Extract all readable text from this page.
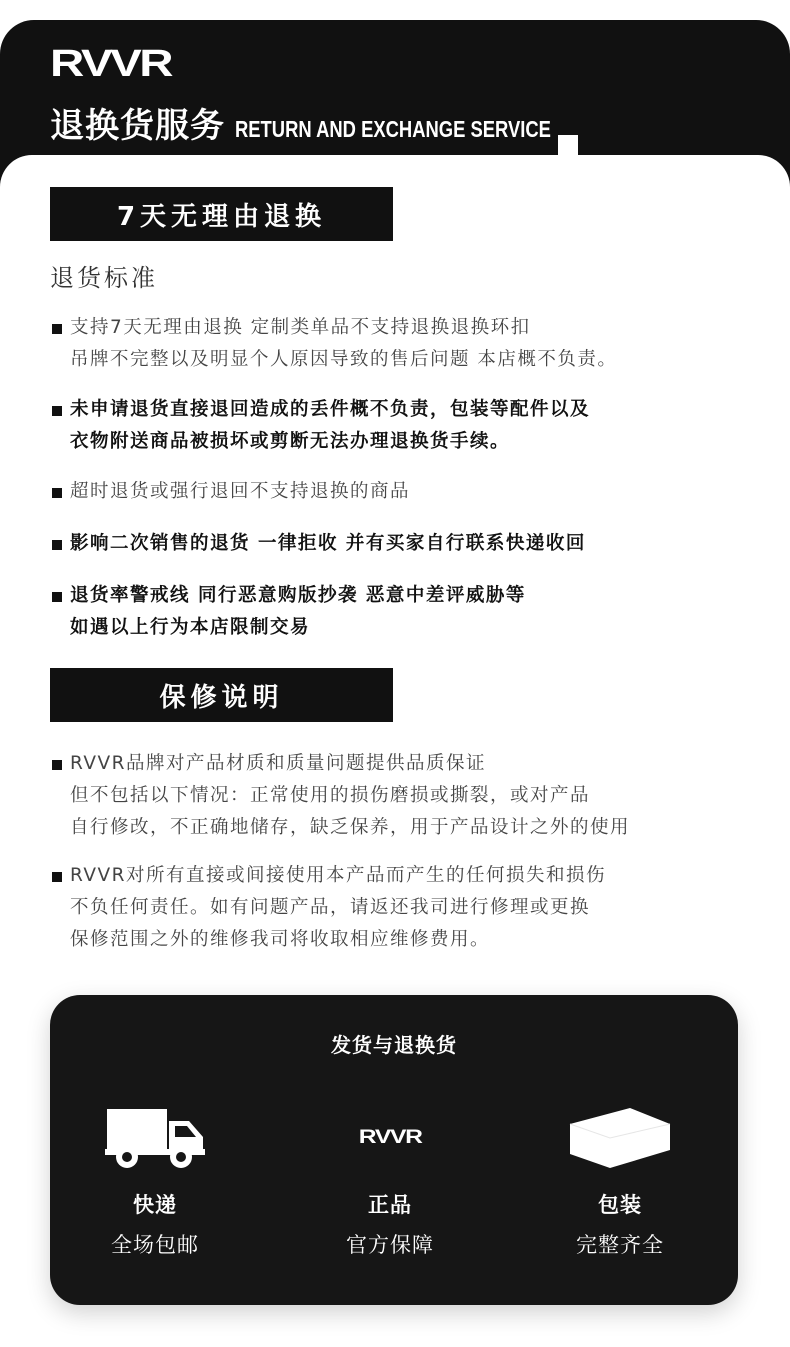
RVVR
退换货服务 RETURN AND EXCHANGE SERVICE
7天无理由退换
退货标准
支持7天无理由退换 定制类单品不支持退换退换环扣
吊牌不完整以及明显个人原因导致的售后问题 本店概不负责。
未申请退货直接退回造成的丢件概不负责，包装等配件以及
衣物附送商品被损坏或剪断无法办理退换货手续。
超时退货或强行退回不支持退换的商品
影响二次销售的退货 一律拒收 并有买家自行联系快递收回
退货率警戒线 同行恶意购版抄袭 恶意中差评威胁等
如遇以上行为本店限制交易
保修说明
RVVR品牌对产品材质和质量问题提供品质保证
但不包括以下情况：正常使用的损伤磨损或撕裂，或对产品
自行修改，不正确地储存，缺乏保养，用于产品设计之外的使用
RVVR对所有直接或间接使用本产品而产生的任何损失和损伤
不负任何责任。如有问题产品，请返还我司进行修理或更换
保修范围之外的维修我司将收取相应维修费用。
发货与退换货
快递
全场包邮
RVVR
正品
官方保障
包装
完整齐全
